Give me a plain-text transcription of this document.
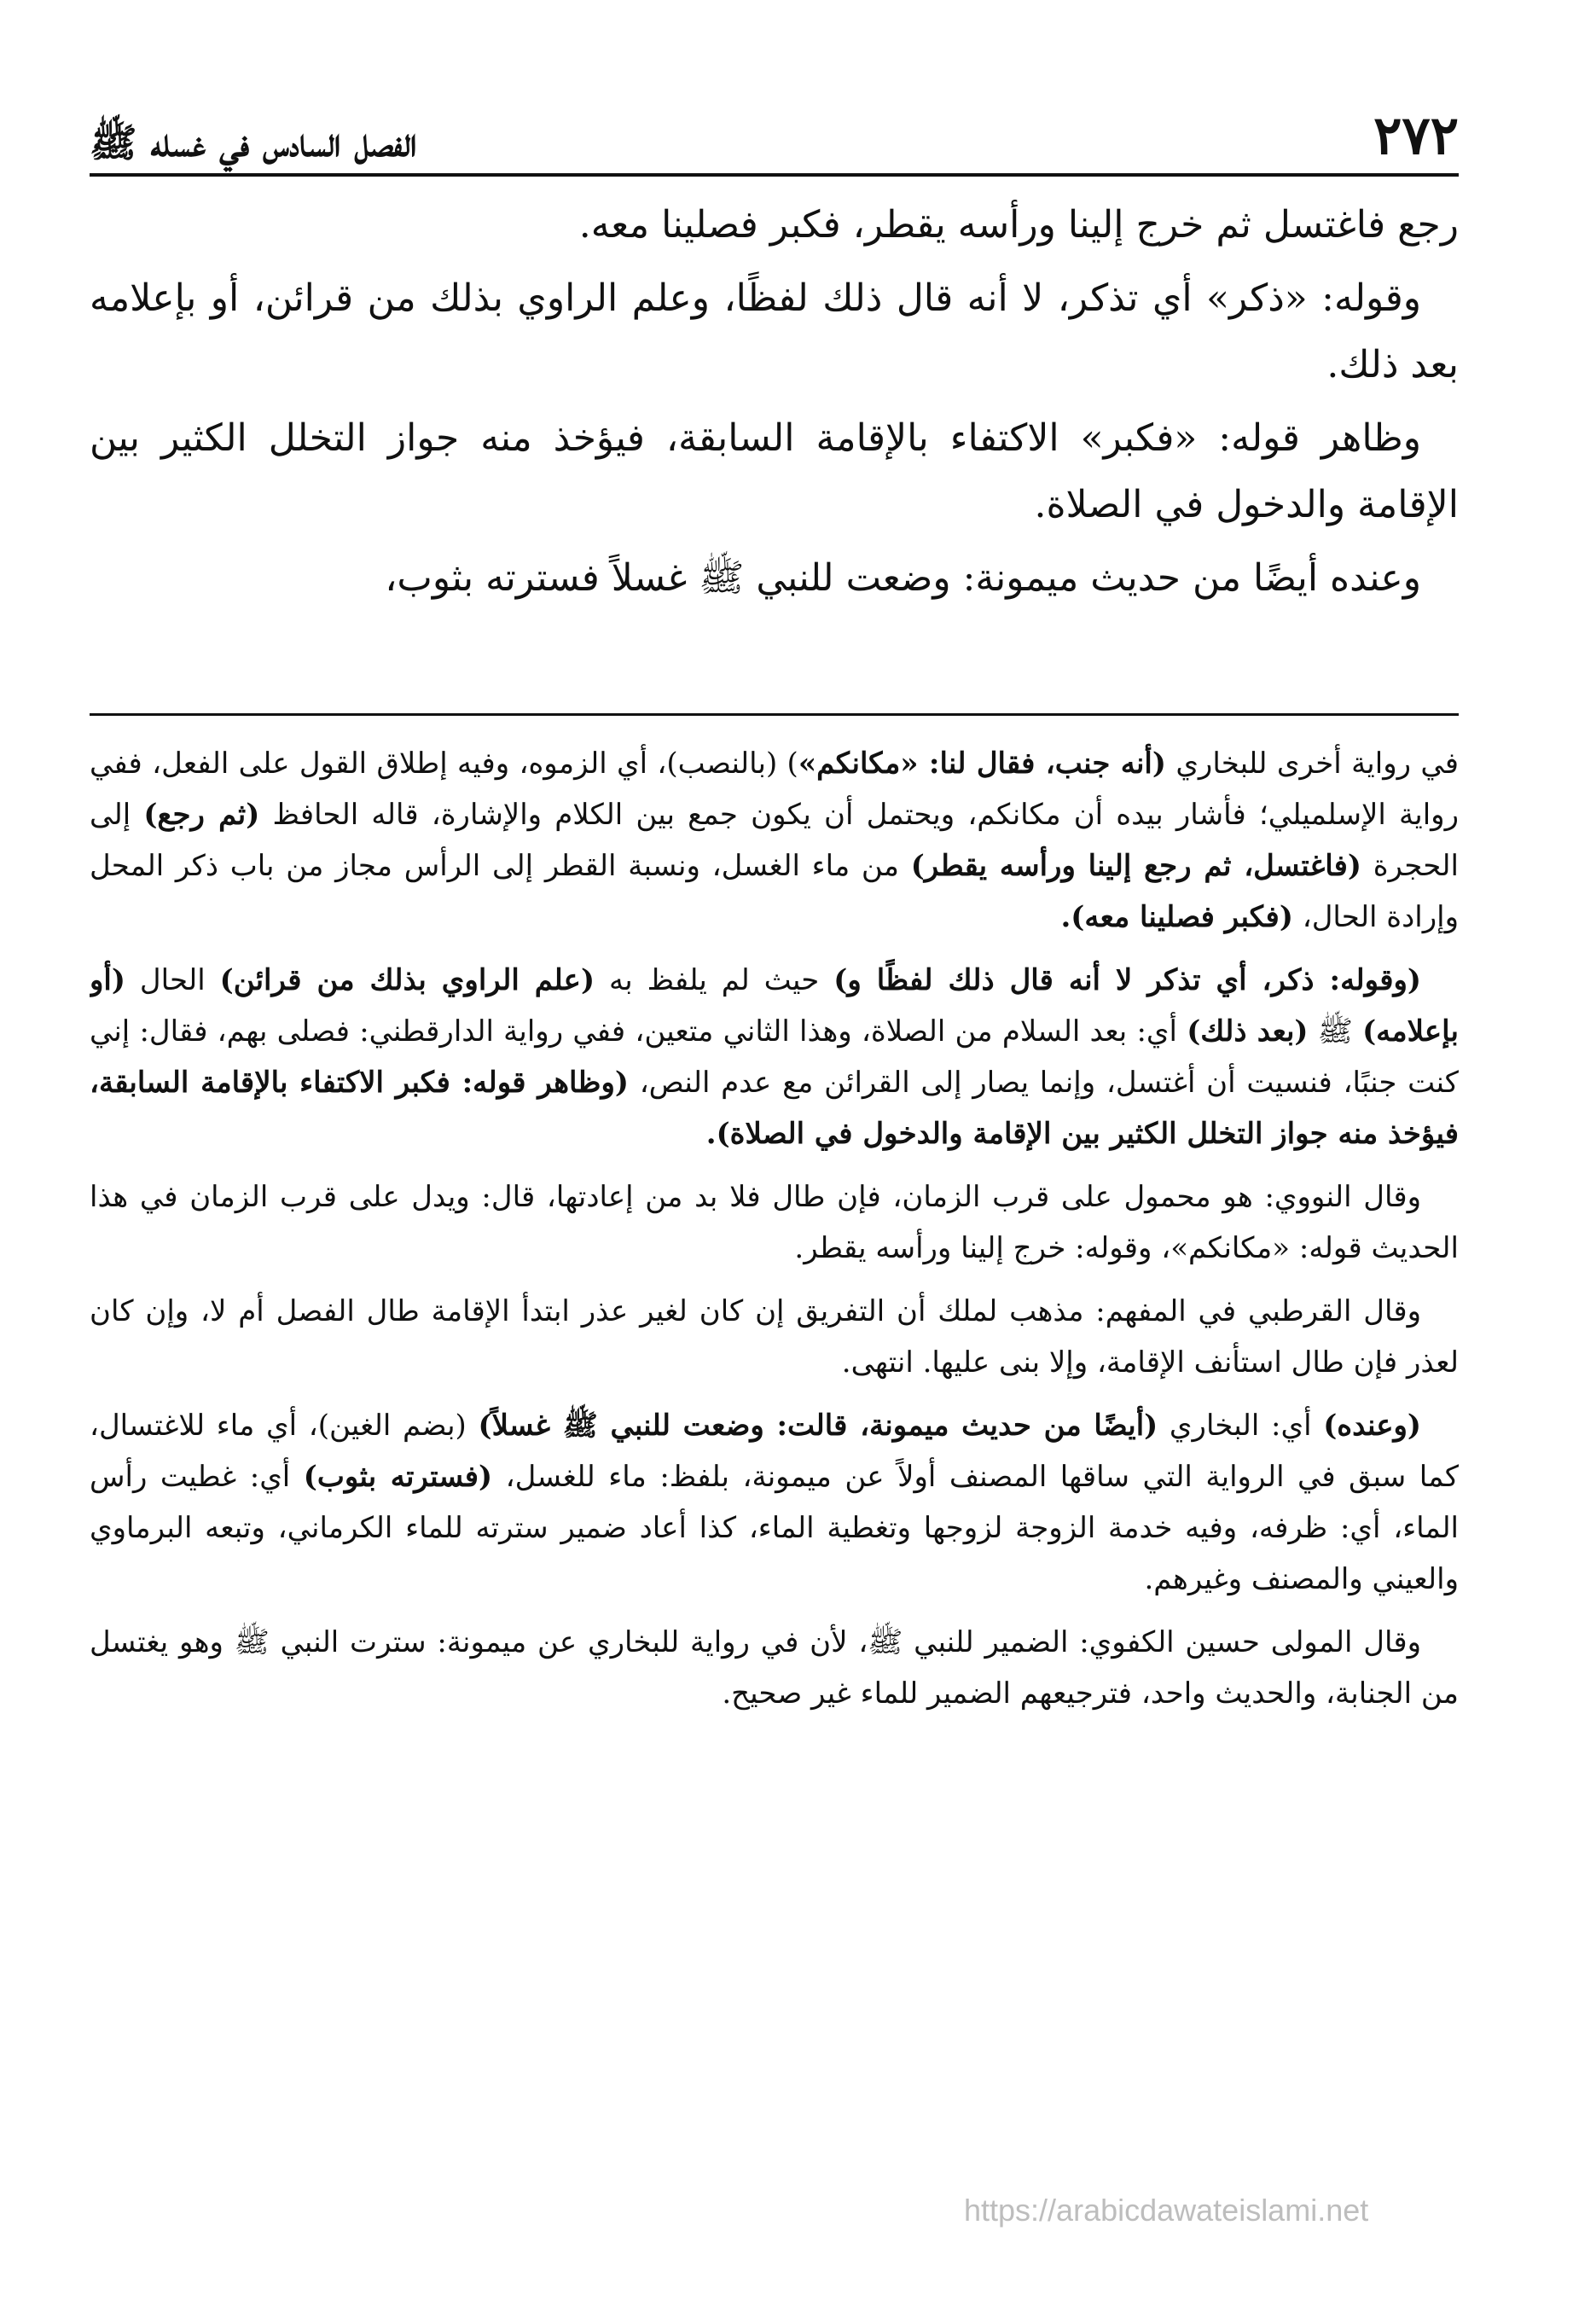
٢٧٢
الفصل السادس في غسله ﷺ

رجع فاغتسل ثم خرج إلينا ورأسه يقطر، فكبر فصلينا معه.

وقوله: «ذكر» أي تذكر، لا أنه قال ذلك لفظًا، وعلم الراوي بذلك من قرائن، أو بإعلامه بعد ذلك.

وظاهر قوله: «فكبر» الاكتفاء بالإقامة السابقة، فيؤخذ منه جواز التخلل الكثير بين الإقامة والدخول في الصلاة.

وعنده أيضًا من حديث ميمونة: وضعت للنبي ﷺ غسلاً فسترته بثوب،

في رواية أخرى للبخاري (أنه جنب، فقال لنا: «مكانكم») (بالنصب)، أي الزموه، وفيه إطلاق القول على الفعل، ففي رواية الإسلميلي؛ فأشار بيده أن مكانكم، ويحتمل أن يكون جمع بين الكلام والإشارة، قاله الحافظ (ثم رجع) إلى الحجرة (فاغتسل، ثم رجع إلينا ورأسه يقطر) من ماء الغسل، ونسبة القطر إلى الرأس مجاز من باب ذكر المحل وإرادة الحال، (فكبر فصلينا معه).

(وقوله: ذكر، أي تذكر لا أنه قال ذلك لفظًا و) حيث لم يلفظ به (علم الراوي بذلك من قرائن) الحال (أو بإعلامه) ﷺ (بعد ذلك) أي: بعد السلام من الصلاة، وهذا الثاني متعين، ففي رواية الدارقطني: فصلى بهم، فقال: إني كنت جنبًا، فنسيت أن أغتسل، وإنما يصار إلى القرائن مع عدم النص، (وظاهر قوله: فكبر الاكتفاء بالإقامة السابقة، فيؤخذ منه جواز التخلل الكثير بين الإقامة والدخول في الصلاة).

وقال النووي: هو محمول على قرب الزمان، فإن طال فلا بد من إعادتها، قال: ويدل على قرب الزمان في هذا الحديث قوله: «مكانكم»، وقوله: خرج إلينا ورأسه يقطر.

وقال القرطبي في المفهم: مذهب لملك أن التفريق إن كان لغير عذر ابتدأ الإقامة طال الفصل أم لا، وإن كان لعذر فإن طال استأنف الإقامة، وإلا بنى عليها. انتهى.

(وعنده) أي: البخاري (أيضًا من حديث ميمونة، قالت: وضعت للنبي ﷺ غسلاً) (بضم الغين)، أي ماء للاغتسال، كما سبق في الرواية التي ساقها المصنف أولاً عن ميمونة، بلفظ: ماء للغسل، (فسترته بثوب) أي: غطيت رأس الماء، أي: ظرفه، وفيه خدمة الزوجة لزوجها وتغطية الماء، كذا أعاد ضمير سترته للماء الكرماني، وتبعه البرماوي والعيني والمصنف وغيرهم.

وقال المولى حسين الكفوي: الضمير للنبي ﷺ، لأن في رواية للبخاري عن ميمونة: سترت النبي ﷺ وهو يغتسل من الجنابة، والحديث واحد، فترجيعهم الضمير للماء غير صحيح.

https://arabicdawateislami.net
